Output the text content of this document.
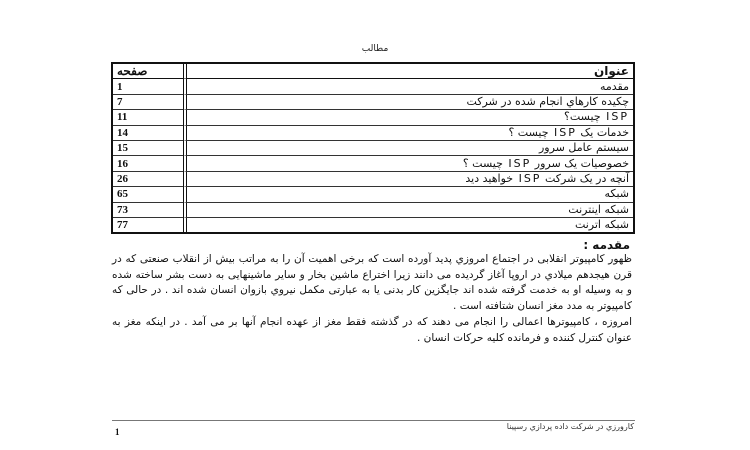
مطالب
عنوان	صفحه
مقدمه	1
چکیده کارهاي انجام شده در شرکت	7
ISP چیست؟	11
خدمات یک ISP چیست ؟	14
سیستم عامل سرور	15
خصوصیات یک سرور ISP چیست ؟	16
آنچه در یک شرکت ISP خواهید دید	26
شبکه	65
شبکه اینترنت	73
شبکه اترنت	77
مقدمه :

ظهور کامپیوتر انقلابی در اجتماع امروزي پدید آورده است که برخی اهمیت آن را به مراتب بیش از انقلاب صنعتی که در قرن هیجدهم میلادي در اروپا آغاز گردیده می دانند زیرا اختراع ماشین بخار و سایر ماشینهایی به دست بشر ساخته شده و به وسیله او به خدمت گرفته شده اند جایگزین کار بدنی یا به عبارتی مکمل نیروي بازوان انسان شده اند . در حالی که کامپیوتر به مدد مغز انسان شتافته است .

امروزه ، کامپیوترها اعمالی را انجام می دهند که در گذشته فقط مغز از عهده انجام آنها بر می آمد . در اینکه مغز به عنوان کنترل کننده و فرمانده کلیه حرکات انسان .

کارورزي در شرکت داده پردازي رسپینا
1
